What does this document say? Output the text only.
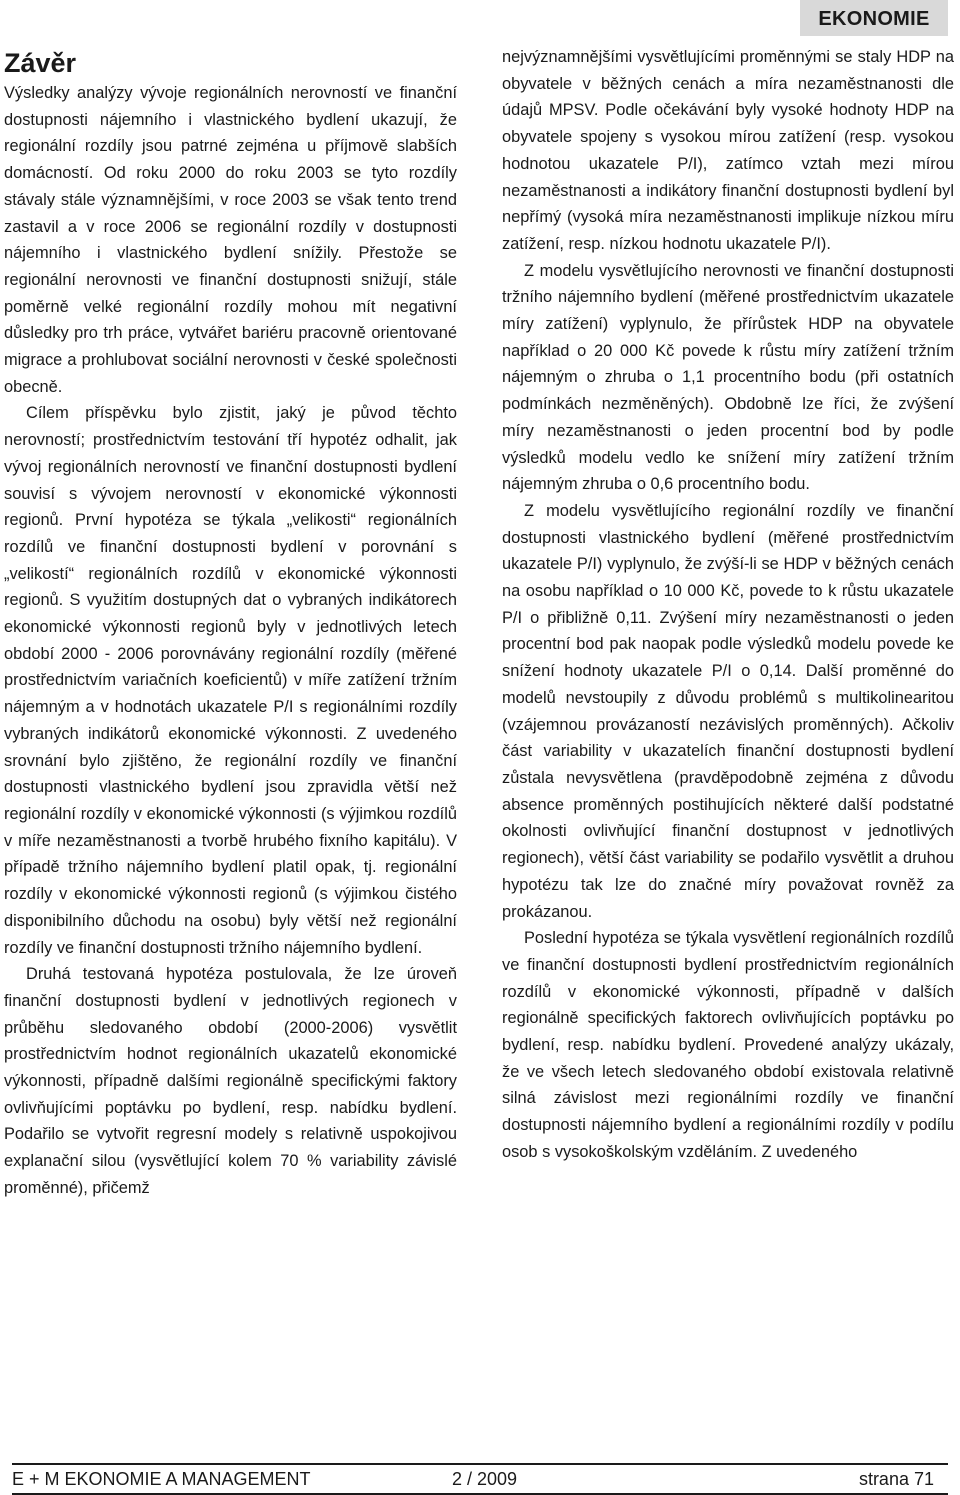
EKONOMIE
Závěr

Výsledky analýzy vývoje regionálních nerovností ve finanční dostupnosti nájemního i vlastnického bydlení ukazují, že regionální rozdíly jsou patrné zejména u příjmově slabších domácností. Od roku 2000 do roku 2003 se tyto rozdíly stávaly stále významnějšími, v roce 2003 se však tento trend zastavil a v roce 2006 se regionální rozdíly v dostupnosti nájemního i vlastnického bydlení snížily. Přestože se regionální nerovnosti ve finanční dostupnosti snižují, stále poměrně velké regionální rozdíly mohou mít negativní důsledky pro trh práce, vytvářet bariéru pracovně orientované migrace a prohlubovat sociální nerovnosti v české společnosti obecně.

Cílem příspěvku bylo zjistit, jaký je původ těchto nerovností; prostřednictvím testování tří hypotéz odhalit, jak vývoj regionálních nerovností ve finanční dostupnosti bydlení souvisí s vývojem nerovností v ekonomické výkonnosti regionů. První hypotéza se týkala „velikosti“ regionálních rozdílů ve finanční dostupnosti bydlení v porovnání s „velikostí“ regionálních rozdílů v ekonomické výkonnosti regionů. S využitím dostupných dat o vybraných indikátorech ekonomické výkonnosti regionů byly v jednotlivých letech období 2000 - 2006 porovnávány regionální rozdíly (měřené prostřednictvím variačních koeficientů) v míře zatížení tržním nájemným a v hodnotách ukazatele P/I s regionálními rozdíly vybraných indikátorů ekonomické výkonnosti. Z uvedeného srovnání bylo zjištěno, že regionální rozdíly ve finanční dostupnosti vlastnického bydlení jsou zpravidla větší než regionální rozdíly v ekonomické výkonnosti (s výjimkou rozdílů v míře nezaměstnanosti a tvorbě hrubého fixního kapitálu). V případě tržního nájemního bydlení platil opak, tj. regionální rozdíly v ekonomické výkonnosti regionů (s výjimkou čistého disponibilního důchodu na osobu) byly větší než regionální rozdíly ve finanční dostupnosti tržního nájemního bydlení.

Druhá testovaná hypotéza postulovala, že lze úroveň finanční dostupnosti bydlení v jednotlivých regionech v průběhu sledovaného období (2000-2006) vysvětlit prostřednictvím hodnot regionálních ukazatelů ekonomické výkonnosti, případně dalšími regionálně specifickými faktory ovlivňujícími poptávku po bydlení, resp. nabídku bydlení. Podařilo se vytvořit regresní modely s relativně uspokojivou explanační silou (vysvětlující kolem 70 % variability závislé proměnné), přičemž

nejvýznamnějšími vysvětlujícími proměnnými se staly HDP na obyvatele v běžných cenách a míra nezaměstnanosti dle údajů MPSV. Podle očekávání byly vysoké hodnoty HDP na obyvatele spojeny s vysokou mírou zatížení (resp. vysokou hodnotou ukazatele P/I), zatímco vztah mezi mírou nezaměstnanosti a indikátory finanční dostupnosti bydlení byl nepřímý (vysoká míra nezaměstnanosti implikuje nízkou míru zatížení, resp. nízkou hodnotu ukazatele P/I).

Z modelu vysvětlujícího nerovnosti ve finanční dostupnosti tržního nájemního bydlení (měřené prostřednictvím ukazatele míry zatížení) vyplynulo, že přírůstek HDP na obyvatele například o 20 000 Kč povede k růstu míry zatížení tržním nájemným o zhruba o 1,1 procentního bodu (při ostatních podmínkách nezměněných). Obdobně lze říci, že zvýšení míry nezaměstnanosti o jeden procentní bod by podle výsledků modelu vedlo ke snížení míry zatížení tržním nájemným zhruba o 0,6 procentního bodu.

Z modelu vysvětlujícího regionální rozdíly ve finanční dostupnosti vlastnického bydlení (měřené prostřednictvím ukazatele P/I) vyplynulo, že zvýší-li se HDP v běžných cenách na osobu například o 10 000 Kč, povede to k růstu ukazatele P/I o přibližně 0,11. Zvýšení míry nezaměstnanosti o jeden procentní bod pak naopak podle výsledků modelu povede ke snížení hodnoty ukazatele P/I o 0,14. Další proměnné do modelů nevstoupily z důvodu problémů s multikolinearitou (vzájemnou provázaností nezávislých proměnných). Ačkoliv část variability v ukazatelích finanční dostupnosti bydlení zůstala nevysvětlena (pravděpodobně zejména z důvodu absence proměnných postihujících některé další podstatné okolnosti ovlivňující finanční dostupnost v jednotlivých regionech), větší část variability se podařilo vysvětlit a druhou hypotézu tak lze do značné míry považovat rovněž za prokázanou.

Poslední hypotéza se týkala vysvětlení regionálních rozdílů ve finanční dostupnosti bydlení prostřednictvím regionálních rozdílů v ekonomické výkonnosti, případně v dalších regionálně specifických faktorech ovlivňujících poptávku po bydlení, resp. nabídku bydlení. Provedené analýzy ukázaly, že ve všech letech sledovaného období existovala relativně silná závislost mezi regionálními rozdíly ve finanční dostupnosti nájemního bydlení a regionálními rozdíly v podílu osob s vysokoškolským vzděláním. Z uvedeného

E + M EKONOMIE A MANAGEMENT	2 / 2009	strana 71
